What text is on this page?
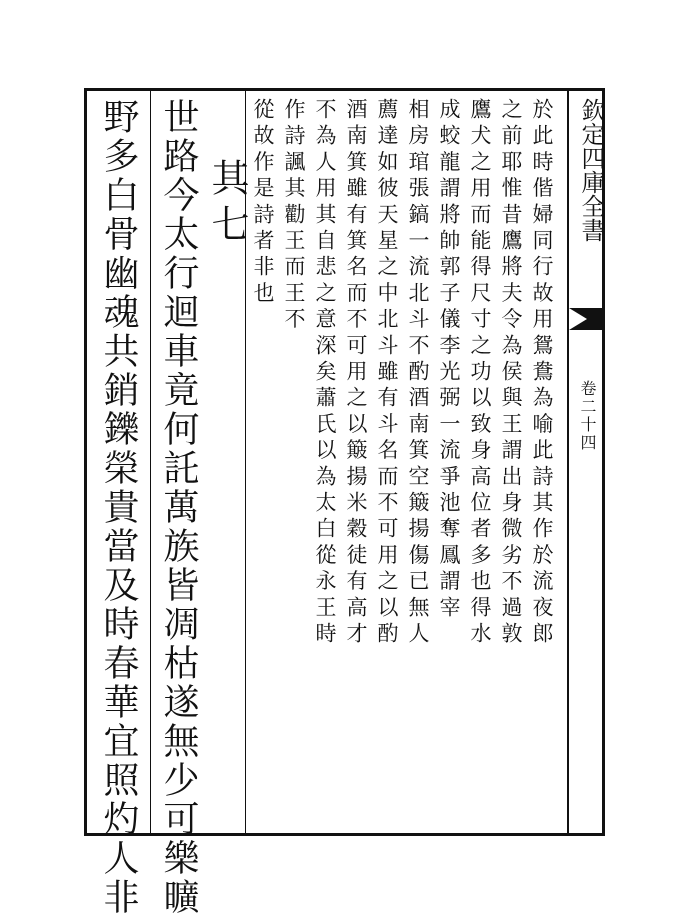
欽定四庫全書
卷二十四
於此時偕婦同行故用鴛鴦為喻此詩其作於流夜郎
之前耶惟昔鷹將夫令為侯與王謂出身微劣不過敦
鷹犬之用而能得尺寸之功以致身高位者多也得水
成蛟龍謂將帥郭子儀李光弼一流爭池奪鳳謂宰
相房琯張鎬一流北斗不酌酒南箕空簸揚傷已無人
薦達如彼天星之中北斗雖有斗名而不可用之以酌
酒南箕雖有箕名而不可用之以簸揚米穀徒有高才
不為人用其自悲之意深矣蕭氏以為太白從永王時
作詩諷其勸王而王不
從故作是詩者非也
其七
世路今太行迴車竟何託萬族皆凋枯遂無少可樂曠
野多白骨幽魂共銷鑠榮貴當及時春華宜照灼人非
